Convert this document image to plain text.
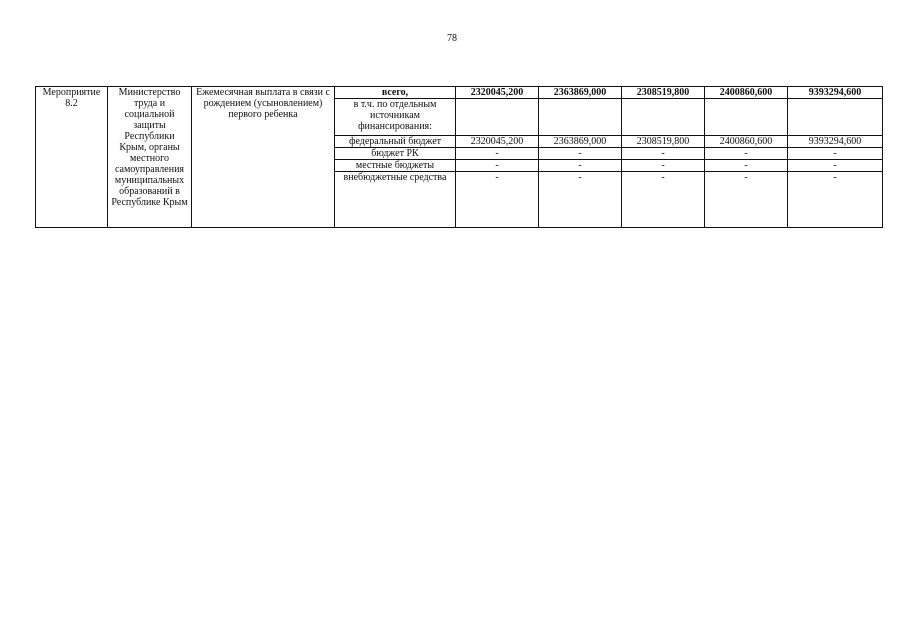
78
Мероприятие 8.2	Министерство труда и социальной защиты Республики Крым, органы местного самоуправления муниципальных образований в Республике Крым	Ежемесячная выплата в связи с рождением (усыновлением) первого ребенка	всего,	2320045,200	2363869,000	2308519,800	2400860,600	9393294,600
			в т.ч. по отдельным источникам финансирования:					
			федеральный бюджет	2320045,200	2363869,000	2308519,800	2400860,600	9393294,600
			бюджет РК	-	-	-	-	-
			местные бюджеты	-	-	-	-	-
			внебюджетные средства	-	-	-	-	-
